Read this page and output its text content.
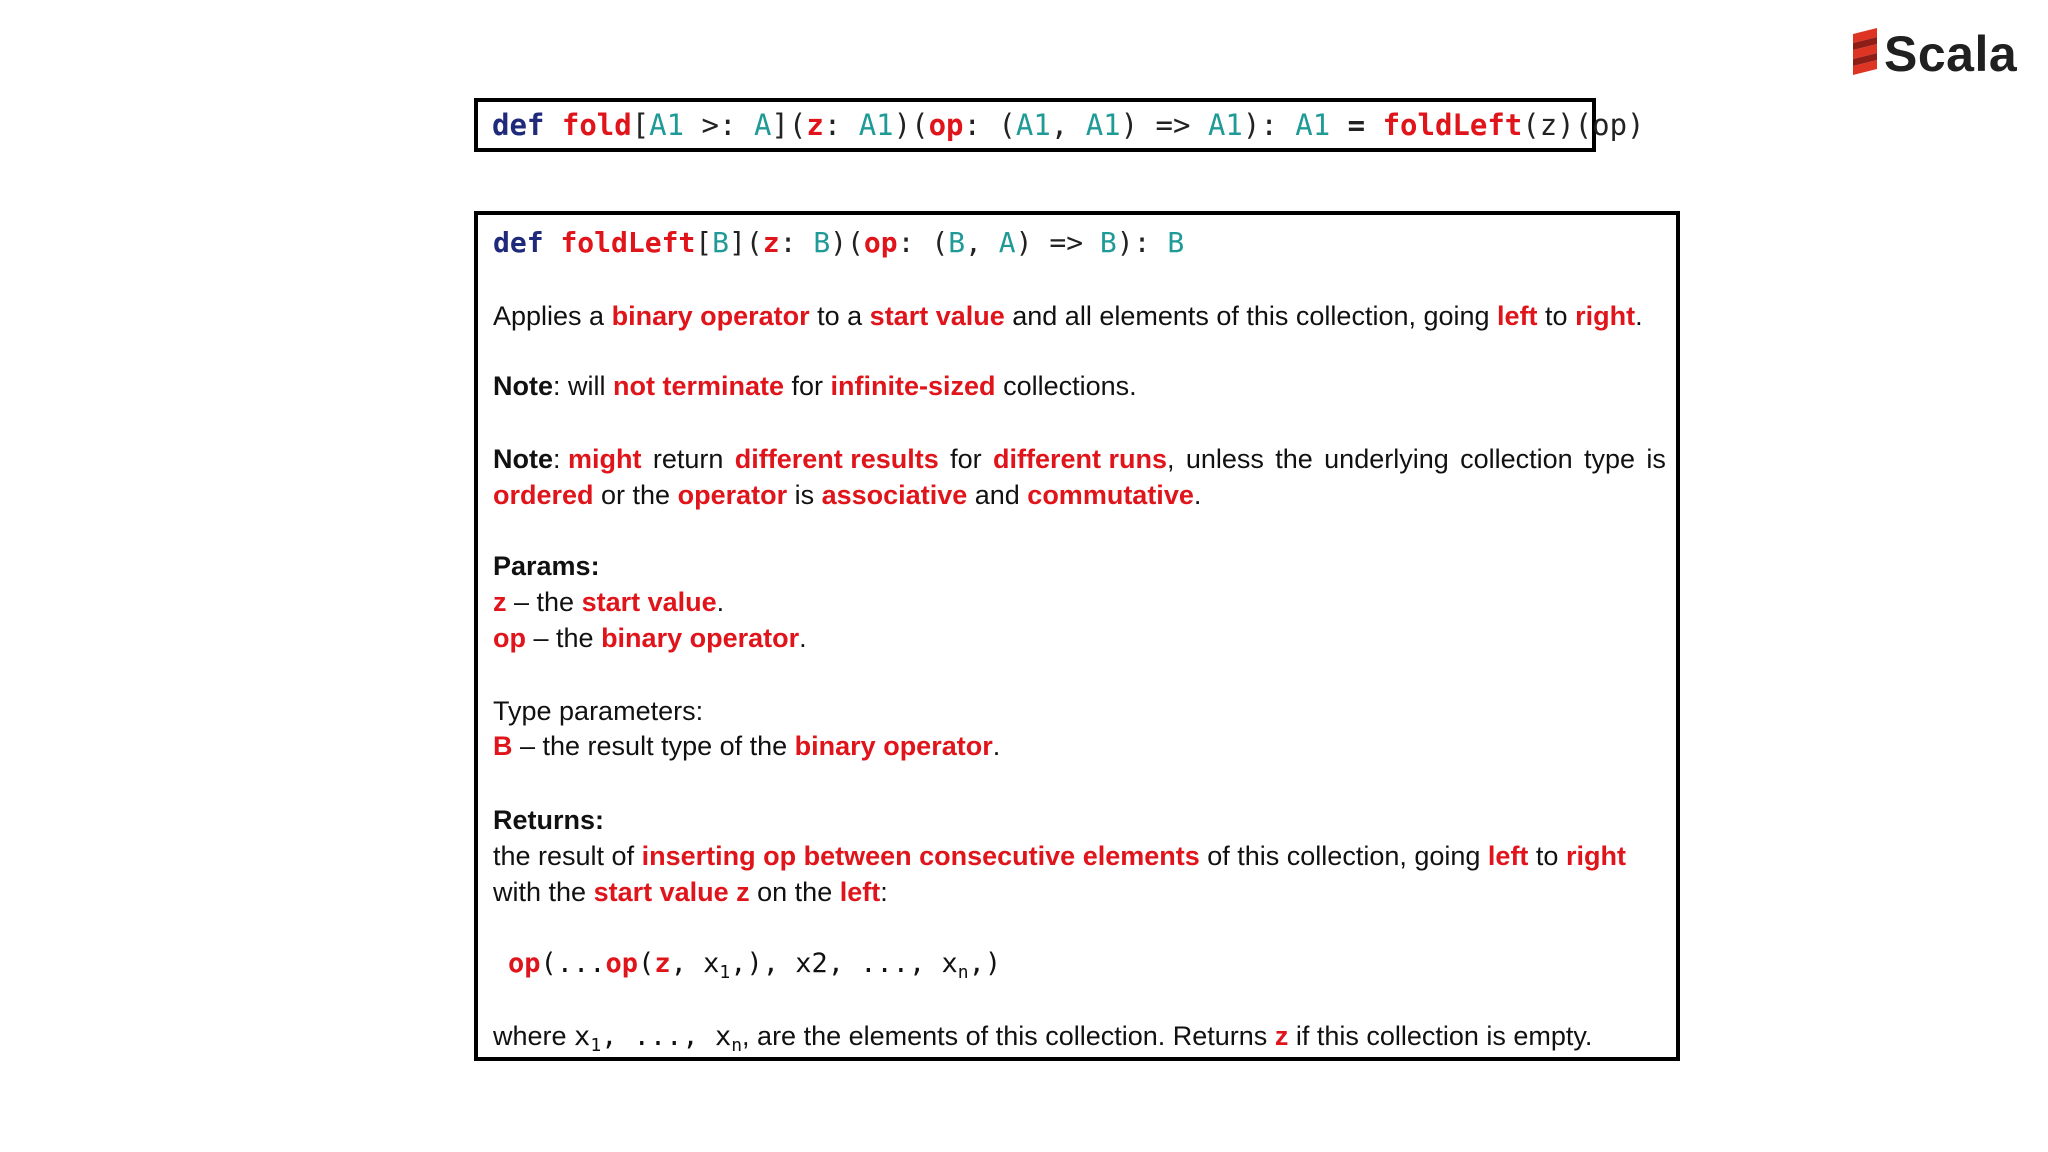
Scala
def fold[A1 >: A](z: A1)(op: (A1, A1) => A1): A1 = foldLeft(z)(op)
def foldLeft[B](z: B)(op: (B, A) => B): B
Applies a binary operator to a start value and all elements of this collection, going left to right.
Note: will not terminate for infinite-sized collections.
Note: might return different results for different runs, unless the underlying collection type is
ordered or the operator is associative and commutative.
Params:
z – the start value.
op – the binary operator.
Type parameters:
B – the result type of the binary operator.
Returns:
the result of inserting op between consecutive elements of this collection, going left to right
with the start value z on the left:
op(...op(z, $x_1$,), x2, ..., $x_n$,)
where $x_1$, ..., $x_n$, are the elements of this collection. Returns z if this collection is empty.
